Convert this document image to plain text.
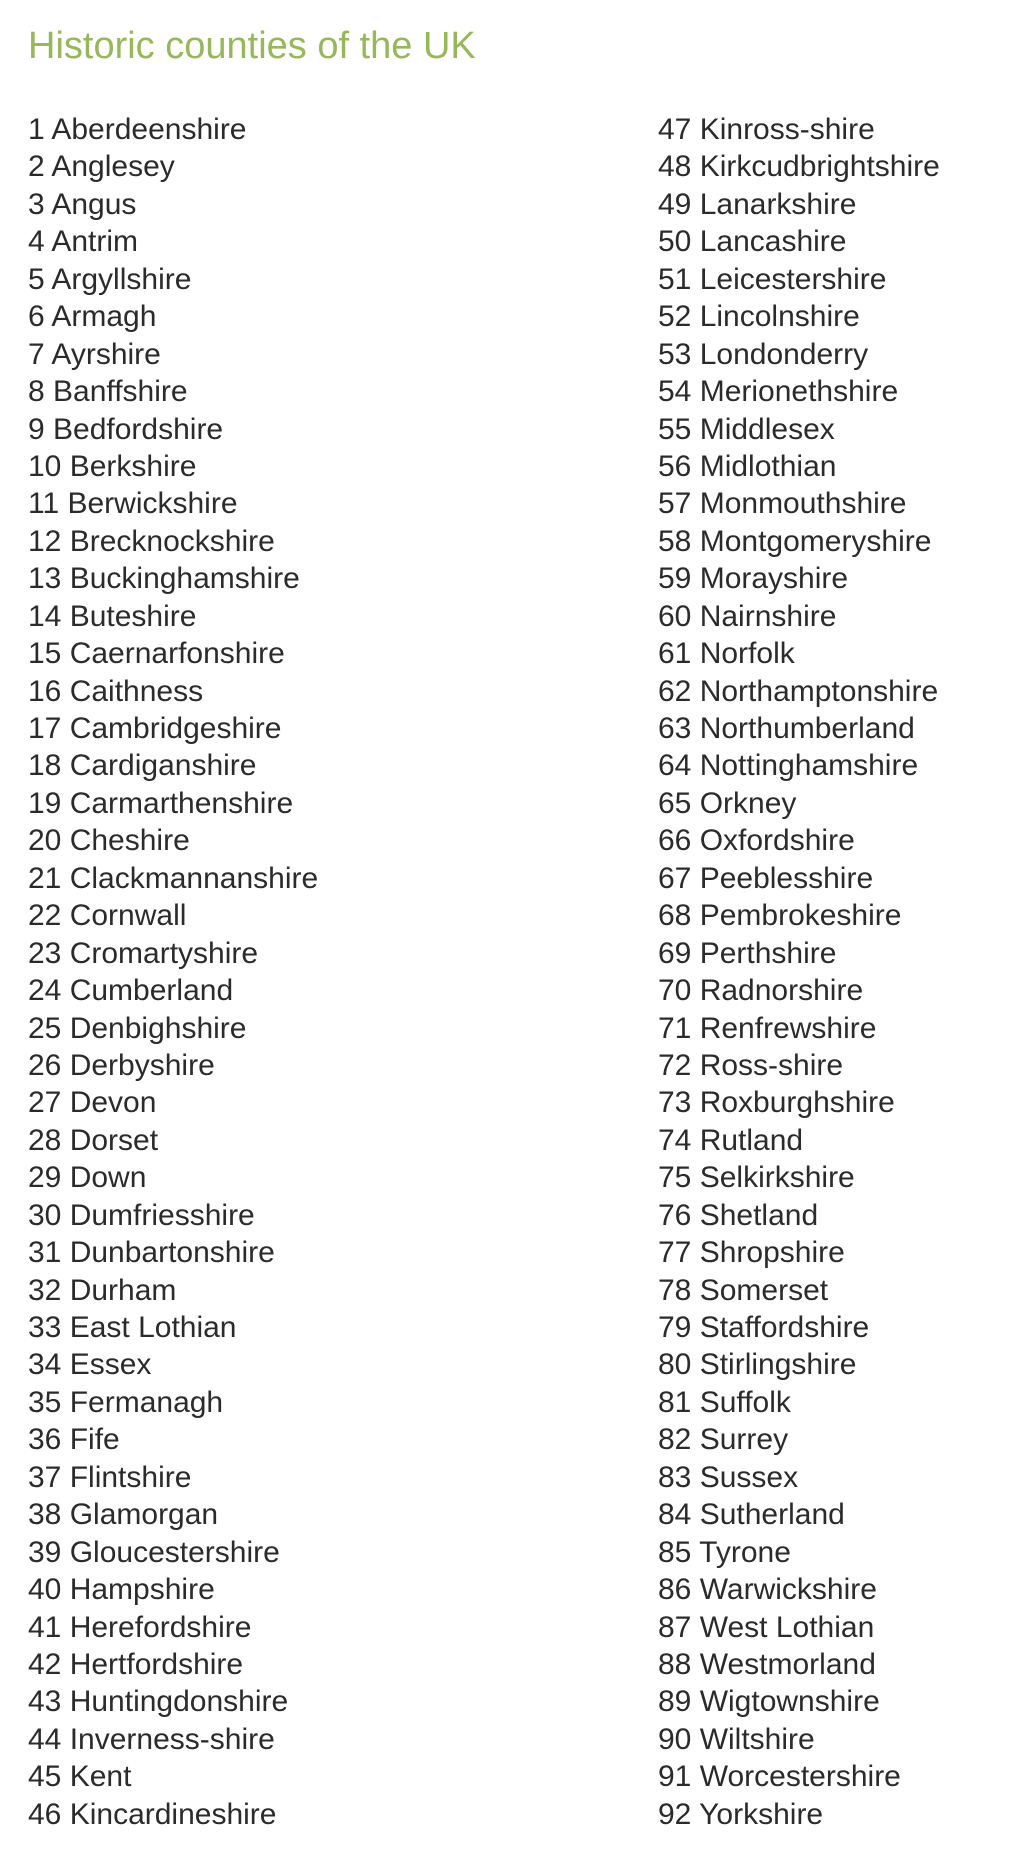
Historic counties of the UK
1 Aberdeenshire
2 Anglesey
3 Angus
4 Antrim
5 Argyllshire
6 Armagh
7 Ayrshire
8 Banffshire
9 Bedfordshire
10 Berkshire
11 Berwickshire
12 Brecknockshire
13 Buckinghamshire
14 Buteshire
15 Caernarfonshire
16 Caithness
17 Cambridgeshire
18 Cardiganshire
19 Carmarthenshire
20 Cheshire
21 Clackmannanshire
22 Cornwall
23 Cromartyshire
24 Cumberland
25 Denbighshire
26 Derbyshire
27 Devon
28 Dorset
29 Down
30 Dumfriesshire
31 Dunbartonshire
32 Durham
33 East Lothian
34 Essex
35 Fermanagh
36 Fife
37 Flintshire
38 Glamorgan
39 Gloucestershire
40 Hampshire
41 Herefordshire
42 Hertfordshire
43 Huntingdonshire
44 Inverness-shire
45 Kent
46 Kincardineshire
47 Kinross-shire
48 Kirkcudbrightshire
49 Lanarkshire
50 Lancashire
51 Leicestershire
52 Lincolnshire
53 Londonderry
54 Merionethshire
55 Middlesex
56 Midlothian
57 Monmouthshire
58 Montgomeryshire
59 Morayshire
60 Nairnshire
61 Norfolk
62 Northamptonshire
63 Northumberland
64 Nottinghamshire
65 Orkney
66 Oxfordshire
67 Peeblesshire
68 Pembrokeshire
69 Perthshire
70 Radnorshire
71 Renfrewshire
72 Ross-shire
73 Roxburghshire
74 Rutland
75 Selkirkshire
76 Shetland
77 Shropshire
78 Somerset
79 Staffordshire
80 Stirlingshire
81 Suffolk
82 Surrey
83 Sussex
84 Sutherland
85 Tyrone
86 Warwickshire
87 West Lothian
88 Westmorland
89 Wigtownshire
90 Wiltshire
91 Worcestershire
92 Yorkshire
